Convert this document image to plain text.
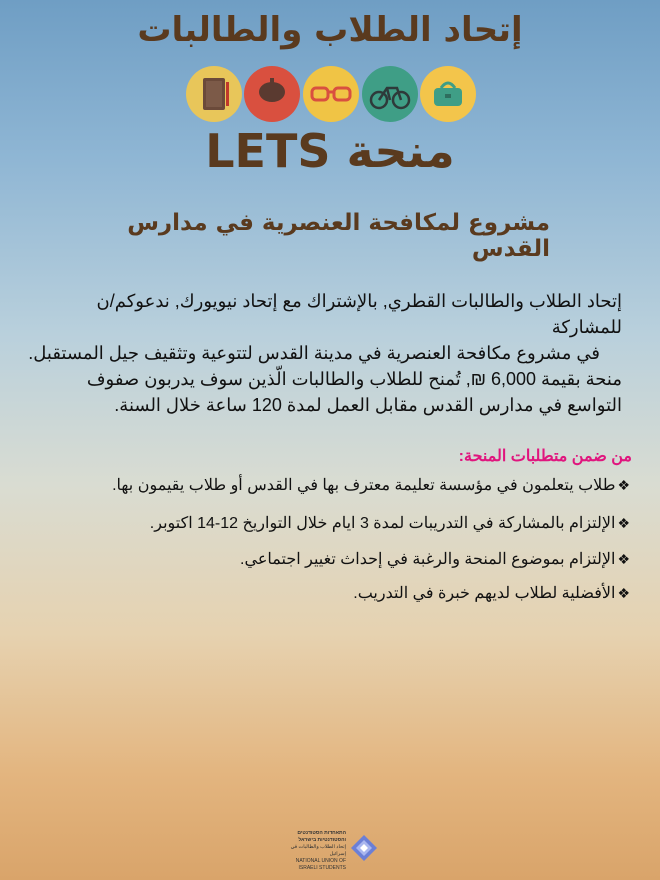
إتحاد الطلاب والطالبات
منحة LETS
مشروع لمكافحة العنصرية في مدارس القدس
إتحاد الطلاب والطالبات القطري, بالإشتراك مع إتحاد نيويورك, ندعوكم/ن للمشاركة
في مشروع مكافحة العنصرية في مدينة القدس لتتوعية وتثقيف جيل المستقبل.
منحة بقيمة 6,000 ₪, تُمنح للطلاب والطالبات الّذين سوف يدربون صفوف
التواسع في مدارس القدس مقابل العمل لمدة 120 ساعة خلال السنة.
من ضمن متطلبات المنحة:
❖طلاب يتعلمون في مؤسسة تعليمة معترف بها في القدس أو طلاب يقيمون بها.
❖الإلتزام بالمشاركة في التدريبات لمدة 3 ايام خلال التواريخ 12-14 اكتوبر.
❖الإلتزام بموضوع المنحة والرغبة في إحداث تغيير اجتماعي.
❖الأفضلية لطلاب لديهم خبرة في التدريب.
התאחדות הסטודנטים
והסטודנטיות בישראל
إتحاد الطلاب والطالبات في إسرائيل
NATIONAL UNION OF ISRAELI STUDENTS
